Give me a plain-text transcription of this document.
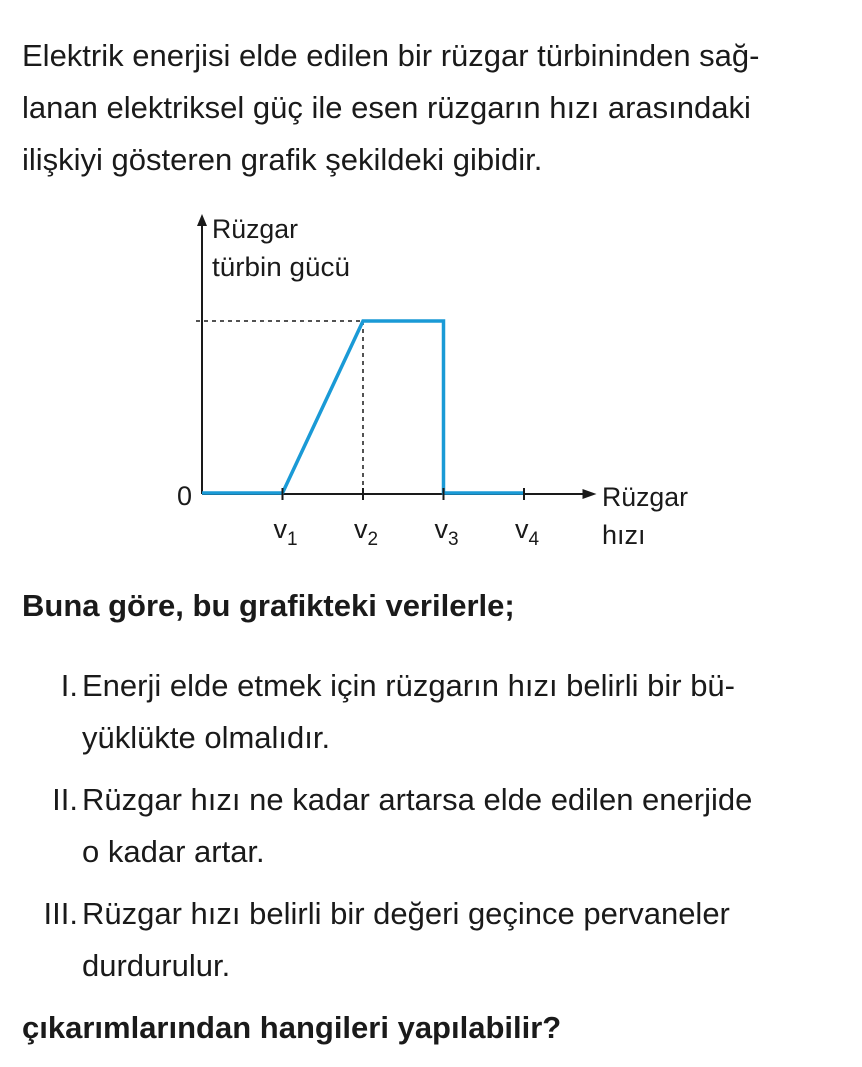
Elektrik enerjisi elde edilen bir rüzgar türbininden sağ-
lanan elektriksel güç ile esen rüzgarın hızı arasındaki
ilişkiyi gösteren grafik şekildeki gibidir.
$v_1$ $v_2$ $v_3$ $v_4$
Rüzgar
türbin gücü
Rüzgar
hızı
0

Buna göre, bu grafikteki verilerle;

I. Enerji elde etmek için rüzgarın hızı belirli bir bü-
yüklükte olmalıdır.
II. Rüzgar hızı ne kadar artarsa elde edilen enerjide
o kadar artar.
III. Rüzgar hızı belirli bir değeri geçince pervaneler
durdurulur.

çıkarımlarından hangileri yapılabilir?
